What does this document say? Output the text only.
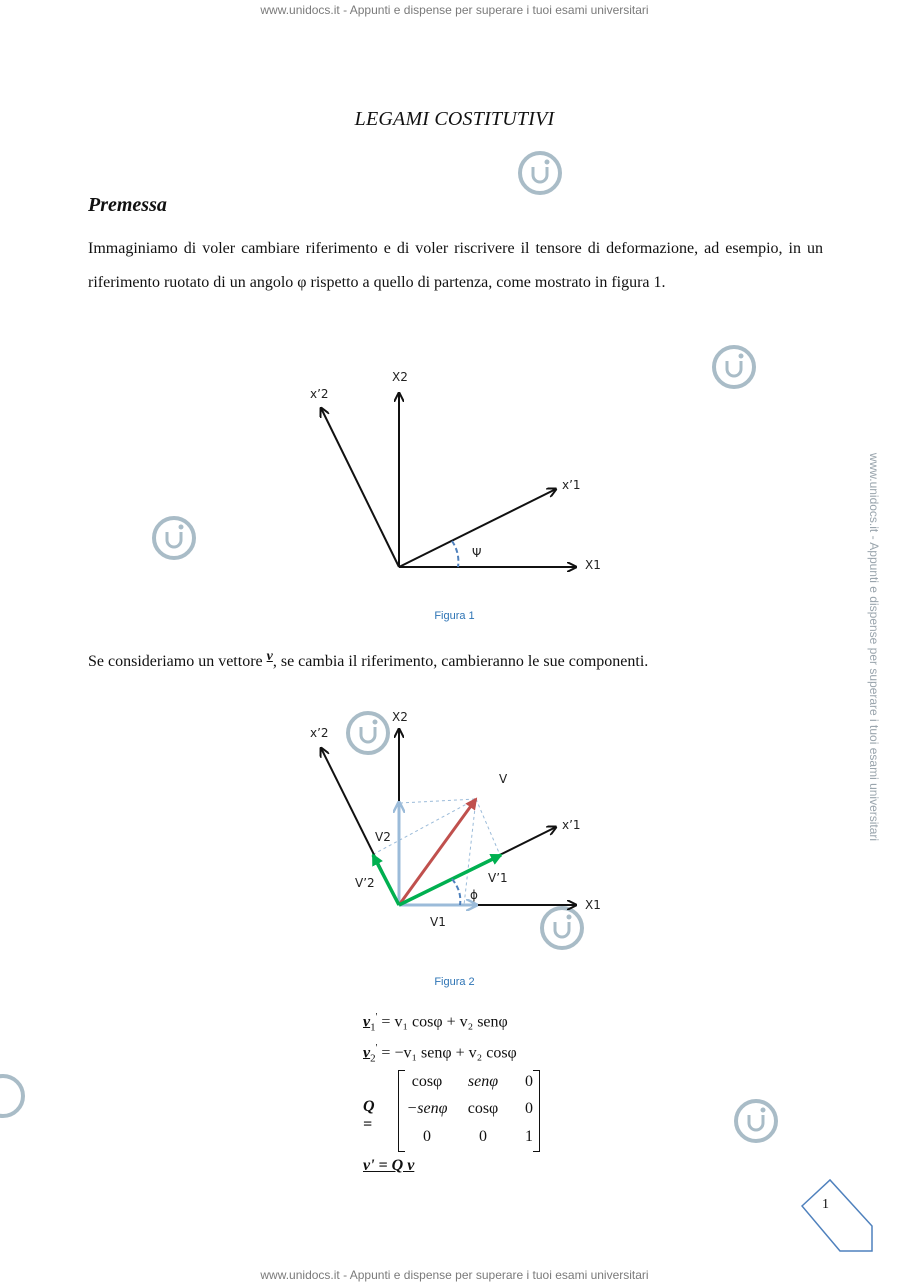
www.unidocs.it - Appunti e dispense per superare i tuoi esami universitari
www.unidocs.it - Appunti e dispense per superare i tuoi esami universitari
www.unidocs.it - Appunti e dispense per superare i tuoi esami universitari
LEGAMI COSTITUTIVI
Premessa
Immaginiamo di voler cambiare riferimento e di voler riscrivere il tensore di deformazione, ad esempio, in un riferimento ruotato di un angolo φ rispetto a quello di partenza, come mostrato in figura 1.
X2
x’2
x’1
X1
Ψ
Figura 1
Se consideriamo un vettore v, se cambia il riferimento, cambieranno le sue componenti.
X2
x’2
V
x’1
V2
V’1
V’2
ϕ
X1
V1
Figura 2
$v_1' = v_1$ cosφ + v₂ senφ
$v_2' = -v_1$ senφ + v₂ cosφ
Q =
cosφ	senφ	0
−senφ	cosφ	0
0	0	1
v' = Q v
1
